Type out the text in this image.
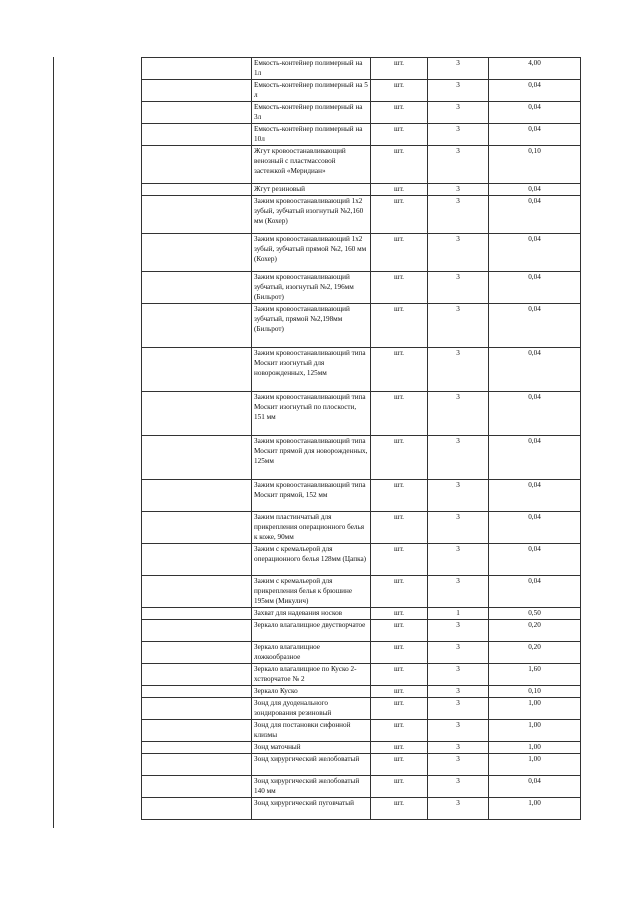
	Емкость-контейнер полимерный на 1л	шт.	3	4,00
	Емкость-контейнер полимерный на 5 л	шт.	3	0,04
	Емкость-контейнер полимерный на 3л	шт.	3	0,04
	Емкость-контейнер полимерный на 10л	шт.	3	0,04
	Жгут кровоостанавливающий венозный с пластмассовой застежкой «Меридиан»	шт.	3	0,10
	Жгут резиновый	шт.	3	0,04
	Зажим кровоостанавливающий 1х2 зубый, зубчатый изогнутый №2,160 мм (Кохер)	шт.	3	0,04
	Зажим кровоостанавливающий 1х2 зубый, зубчатый прямой №2, 160 мм (Кохер)	шт.	3	0,04
	Зажим кровоостанавливающий зубчатый, изогнутый №2, 196мм (Бильрот)	шт.	3	0,04
	Зажим кровоостанавливающий зубчатый, прямой №2,198мм (Бильрот)	шт.	3	0,04
	Зажим кровоостанавливающий типа Москит изогнутый для новорожденных, 125мм	шт.	3	0,04
	Зажим кровоостанавливающий типа Москит изогнутый по плоскости, 151 мм	шт.	3	0,04
	Зажим кровоостанавливающий типа Москит прямой для новорожденных, 125мм	шт.	3	0,04
	Зажим кровоостанавливающий типа Москит прямой, 152 мм	шт.	3	0,04
	Зажим пластинчатый для прикрепления операционного белья к коже, 90мм	шт.	3	0,04
	Зажим с кремальерой для операционного белья 128мм (Цапка)	шт.	3	0,04
	Зажим с кремальерой для прикрепления белья к брюшине 195мм (Микулич)	шт.	3	0,04
	Захват для надевания носков	шт.	1	0,50
	Зеркало влагалищное двустворчатое	шт.	3	0,20
	Зеркало влагалищное ложкообразное	шт.	3	0,20
	Зеркало влагалищное по Куско 2-хстворчатое № 2	шт.	3	1,60
	Зеркало Куско	шт.	3	0,10
	Зонд для дуоденального зондирования резиновый	шт.	3	1,00
	Зонд для постановки сифонной клизмы	шт.	3	1,00
	Зонд маточный	шт.	3	1,00
	Зонд хирургический желобоватый	шт.	3	1,00
	Зонд хирургический желобоватый 140 мм	шт.	3	0,04
	Зонд хирургический пуговчатый	шт.	3	1,00
